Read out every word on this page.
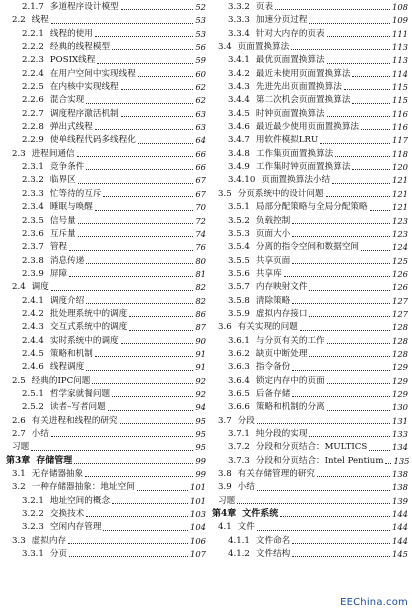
2.1.7 多道程序设计模型	52
2.2 线程	53
2.2.1 线程的使用	53
2.2.2 经典的线程模型	56
2.2.3 POSIX线程	59
2.2.4 在用户空间中实现线程	60
2.2.5 在内核中实现线程	62
2.2.6 混合实现	62
2.2.7 调度程序激活机制	63
2.2.8 弹出式线程	63
2.2.9 使单线程代码多线程化	64
2.3 进程间通信	66
2.3.1 竞争条件	66
2.3.2 临界区	67
2.3.3 忙等待的互斥	67
2.3.4 睡眠与唤醒	70
2.3.5 信号量	72
2.3.6 互斥量	74
2.3.7 管程	76
2.3.8 消息传递	80
2.3.9 屏障	81
2.4 调度	82
2.4.1 调度介绍	82
2.4.2 批处理系统中的调度	86
2.4.3 交互式系统中的调度	87
2.4.4 实时系统中的调度	90
2.4.5 策略和机制	91
2.4.6 线程调度	91
2.5 经典的IPC问题	92
2.5.1 哲学家就餐问题	92
2.5.2 读者–写者问题	94
2.6 有关进程和线程的研究	95
2.7 小结	95
习题	95
第3章 存储管理	99
3.1 无存储器抽象	99
3.2 一种存储器抽象：地址空间	101
3.2.1 地址空间的概念	101
3.2.2 交换技术	103
3.2.3 空闲内存管理	104
3.3 虚拟内存	106
3.3.1 分页	107
3.3.2 页表	108
3.3.3 加速分页过程	109
3.3.4 针对大内存的页表	111
3.4 页面置换算法	113
3.4.1 最优页面置换算法	113
3.4.2 最近未使用页面置换算法	114
3.4.3 先进先出页面置换算法	115
3.4.4 第二次机会页面置换算法	115
3.4.5 时钟页面置换算法	116
3.4.6 最近最少使用页面置换算法	116
3.4.7 用软件模拟LRU	117
3.4.8 工作集页面置换算法	118
3.4.9 工作集时钟页面置换算法	120
3.4.10 页面置换算法小结	121
3.5 分页系统中的设计问题	121
3.5.1 局部分配策略与全局分配策略	121
3.5.2 负载控制	123
3.5.3 页面大小	123
3.5.4 分离的指令空间和数据空间	124
3.5.5 共享页面	125
3.5.6 共享库	126
3.5.7 内存映射文件	126
3.5.8 清除策略	127
3.5.9 虚拟内存接口	127
3.6 有关实现的问题	128
3.6.1 与分页有关的工作	128
3.6.2 缺页中断处理	128
3.6.3 指令备份	129
3.6.4 锁定内存中的页面	129
3.6.5 后备存储	129
3.6.6 策略和机制的分离	130
3.7 分段	131
3.7.1 纯分段的实现	133
3.7.2 分段和分页结合：MULTICS	134
3.7.3 分段和分页结合：Intel Pentium 135
3.8 有关存储管理的研究	138
3.9 小结	138
习题	139
第4章 文件系统	144
4.1 文件	144
4.1.1 文件命名	144
4.1.2 文件结构	145
EEChina.com
